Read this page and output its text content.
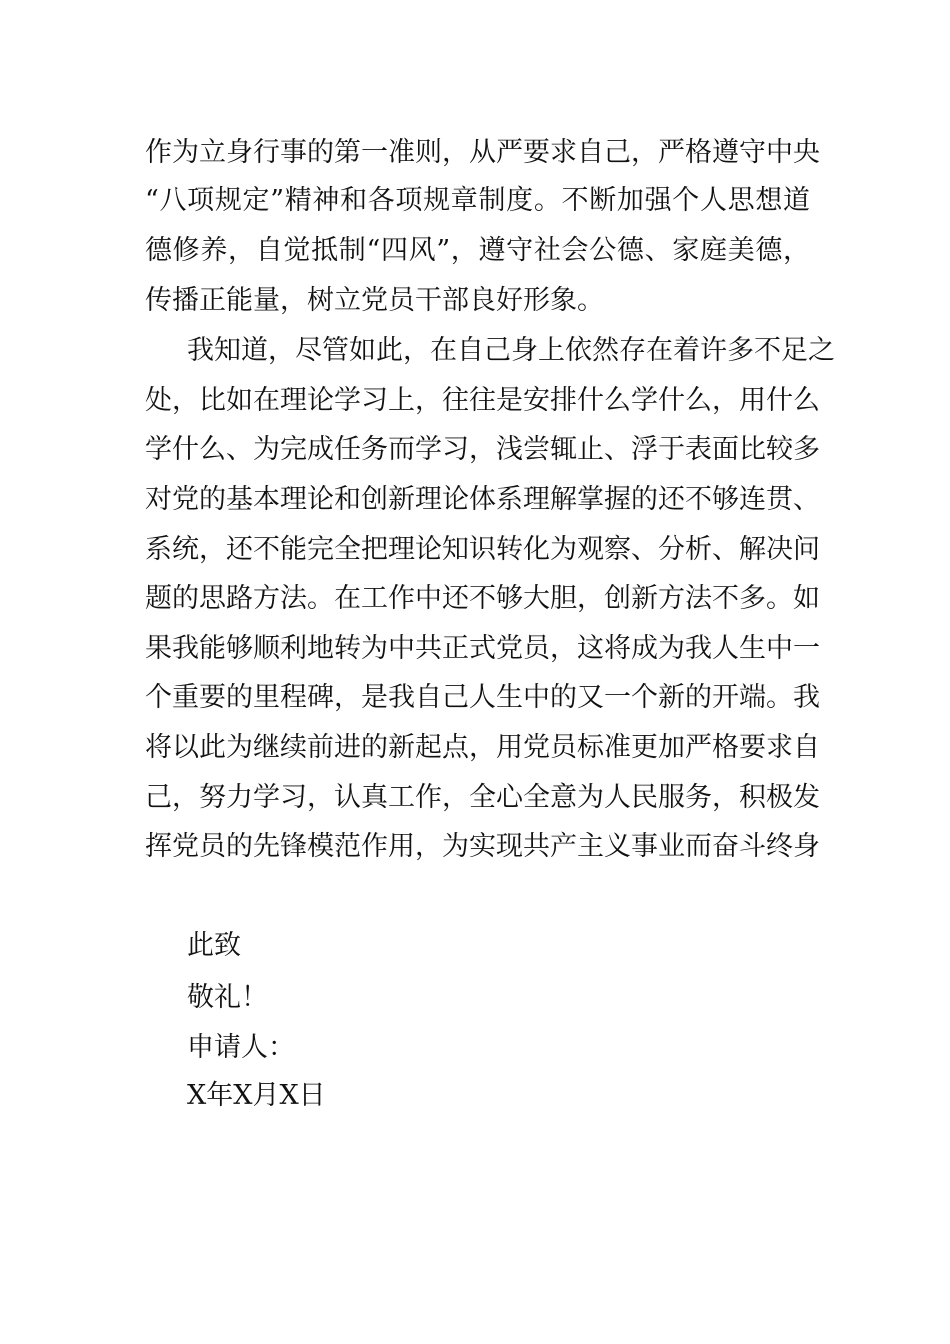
作为立身行事的第一准则，从严要求自己，严格遵守中央
“八项规定”精神和各项规章制度。不断加强个人思想道
德修养，自觉抵制“四风”，遵守社会公德、家庭美德，
传播正能量，树立党员干部良好形象。
我知道，尽管如此，在自己身上依然存在着许多不足之
处，比如在理论学习上，往往是安排什么学什么，用什么
学什么、为完成任务而学习，浅尝辄止、浮于表面比较多
对党的基本理论和创新理论体系理解掌握的还不够连贯、
系统，还不能完全把理论知识转化为观察、分析、解决问
题的思路方法。在工作中还不够大胆，创新方法不多。如
果我能够顺利地转为中共正式党员，这将成为我人生中一
个重要的里程碑，是我自己人生中的又一个新的开端。我
将以此为继续前进的新起点，用党员标准更加严格要求自
己，努力学习，认真工作，全心全意为人民服务，积极发
挥党员的先锋模范作用，为实现共产主义事业而奋斗终身
此致
敬礼！
申请人：
X年X月X日
